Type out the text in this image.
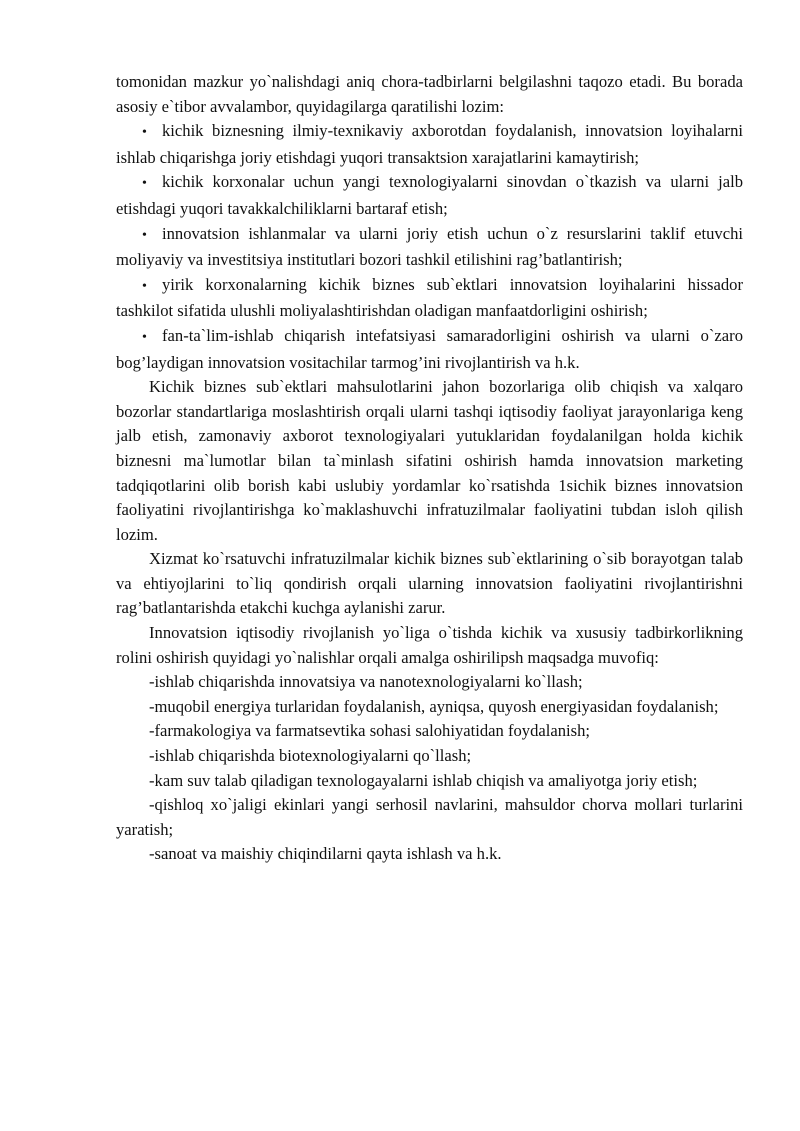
tomonidan mazkur yo`nalishdagi aniq chora-tadbirlarni belgilashni taqozo etadi. Bu borada asosiy e`tibor avvalambor, quyidagilarga qaratilishi lozim:

• kichik biznesning ilmiy-texnikaviy axborotdan foydalanish, innovatsion loyihalarni ishlab chiqarishga joriy etishdagi yuqori transaktsion xarajatlarini kamaytirish;

• kichik korxonalar uchun yangi texnologiyalarni sinovdan o`tkazish va ularni jalb etishdagi yuqori tavakkalchiliklarni bartaraf etish;

• innovatsion ishlanmalar va ularni joriy etish uchun o`z resurslarini taklif etuvchi moliyaviy va investitsiya institutlari bozori tashkil etilishini rag’batlantirish;

• yirik korxonalarning kichik biznes sub`ektlari innovatsion loyihalarini hissador tashkilot sifatida ulushli moliyalashtirishdan oladigan manfaatdorligini oshirish;

• fan-ta`lim-ishlab chiqarish intefatsiyasi samaradorligini oshirish va ularni o`zaro bog’laydigan innovatsion vositachilar tarmog’ini rivojlantirish va h.k.

Kichik biznes sub`ektlari mahsulotlarini jahon bozorlariga olib chiqish va xalqaro bozorlar standartlariga moslashtirish orqali ularni tashqi iqtisodiy faoliyat jarayonlariga keng jalb etish, zamonaviy axborot texnologiyalari yutuklaridan foydalanilgan holda kichik biznesni ma`lumotlar bilan ta`minlash sifatini oshirish hamda innovatsion marketing tadqiqotlarini olib borish kabi uslubiy yordamlar ko`rsatishda 1sichik biznes innovatsion faoliyatini rivojlantirishga ko`maklashuvchi infratuzilmalar faoliyatini tubdan isloh qilish lozim.

Xizmat ko`rsatuvchi infratuzilmalar kichik biznes sub`ektlarining o`sib borayotgan talab va ehtiyojlarini to`liq qondirish orqali ularning innovatsion faoliyatini rivojlantirishni rag’batlantarishda etakchi kuchga aylanishi zarur.

Innovatsion iqtisodiy rivojlanish yo`liga o`tishda kichik va xususiy tadbirkorlikning rolini oshirish quyidagi yo`nalishlar orqali amalga oshirilipsh maqsadga muvofiq:

-ishlab chiqarishda innovatsiya va nanotexnologiyalarni ko`llash;

-muqobil energiya turlaridan foydalanish, ayniqsa, quyosh energiyasidan foydalanish;

-farmakologiya va farmatsevtika sohasi salohiyatidan foydalanish;

-ishlab chiqarishda biotexnologiyalarni qo`llash;

-kam suv talab qiladigan texnologayalarni ishlab chiqish va amaliyotga joriy etish;

-qishloq xo`jaligi ekinlari yangi serhosil navlarini, mahsuldor chorva mollari turlarini yaratish;

-sanoat va maishiy chiqindilarni qayta ishlash va h.k.
